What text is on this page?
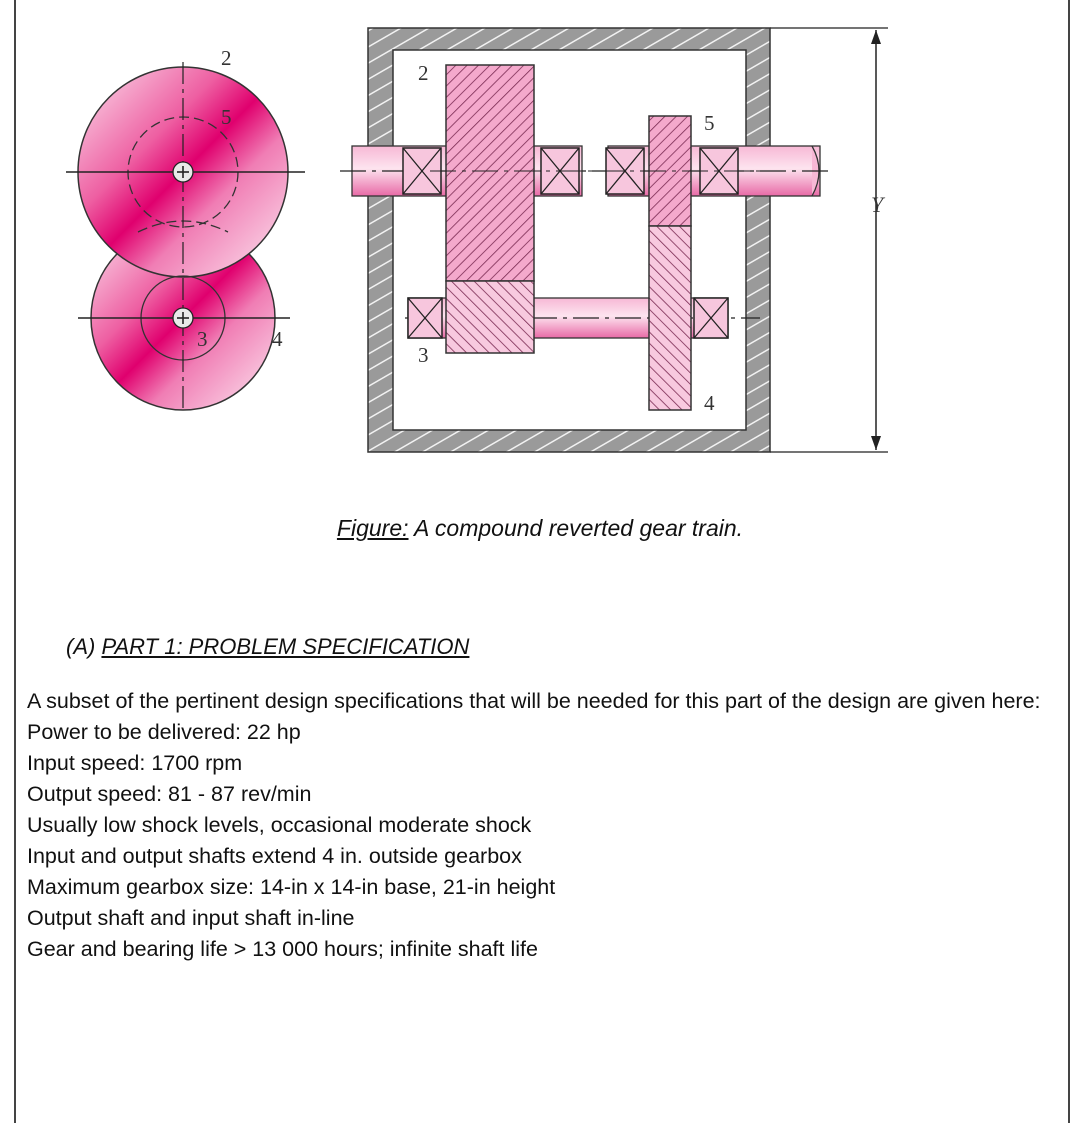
2
5
3	4
Y
2
5
3
4
Figure: A compound reverted gear train.
(A) PART 1: PROBLEM SPECIFICATION

A subset of the pertinent design specifications that will be needed for this part of the design are given here:

Power to be delivered: 22 hp

Input speed: 1700 rpm

Output speed: 81 - 87 rev/min

Usually low shock levels, occasional moderate shock

Input and output shafts extend 4 in. outside gearbox

Maximum gearbox size: 14-in x 14-in base, 21-in height

Output shaft and input shaft in-line

Gear and bearing life > 13 000 hours; infinite shaft life
